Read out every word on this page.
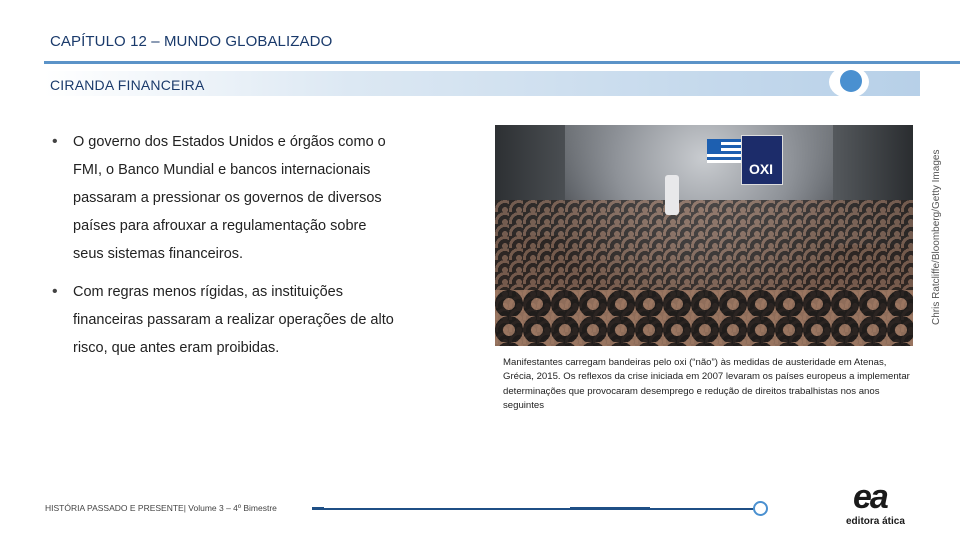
CAPÍTULO 12 – MUNDO GLOBALIZADO
CIRANDA FINANCEIRA
• O governo dos Estados Unidos e órgãos como o
FMI, o Banco Mundial e bancos internacionais
passaram a pressionar os governos de diversos
países para afrouxar a regulamentação sobre
seus sistemas financeiros.
• Com regras menos rígidas, as instituições
financeiras passaram a realizar operações de alto
risco, que antes eram proibidas.
OXI	Chris Ratcliffe/Bloomberg/Getty Images
Manifestantes carregam bandeiras pelo oxi (“não”) às medidas de austeridade em Atenas, Grécia, 2015. Os reflexos da crise iniciada em 2007 levaram os países europeus a implementar determinações que provocaram desemprego e redução de direitos trabalhistas nos anos seguintes
HISTÓRIA PASSADO E PRESENTE| Volume 3 – 4º Bimestre	ea
editora ática
